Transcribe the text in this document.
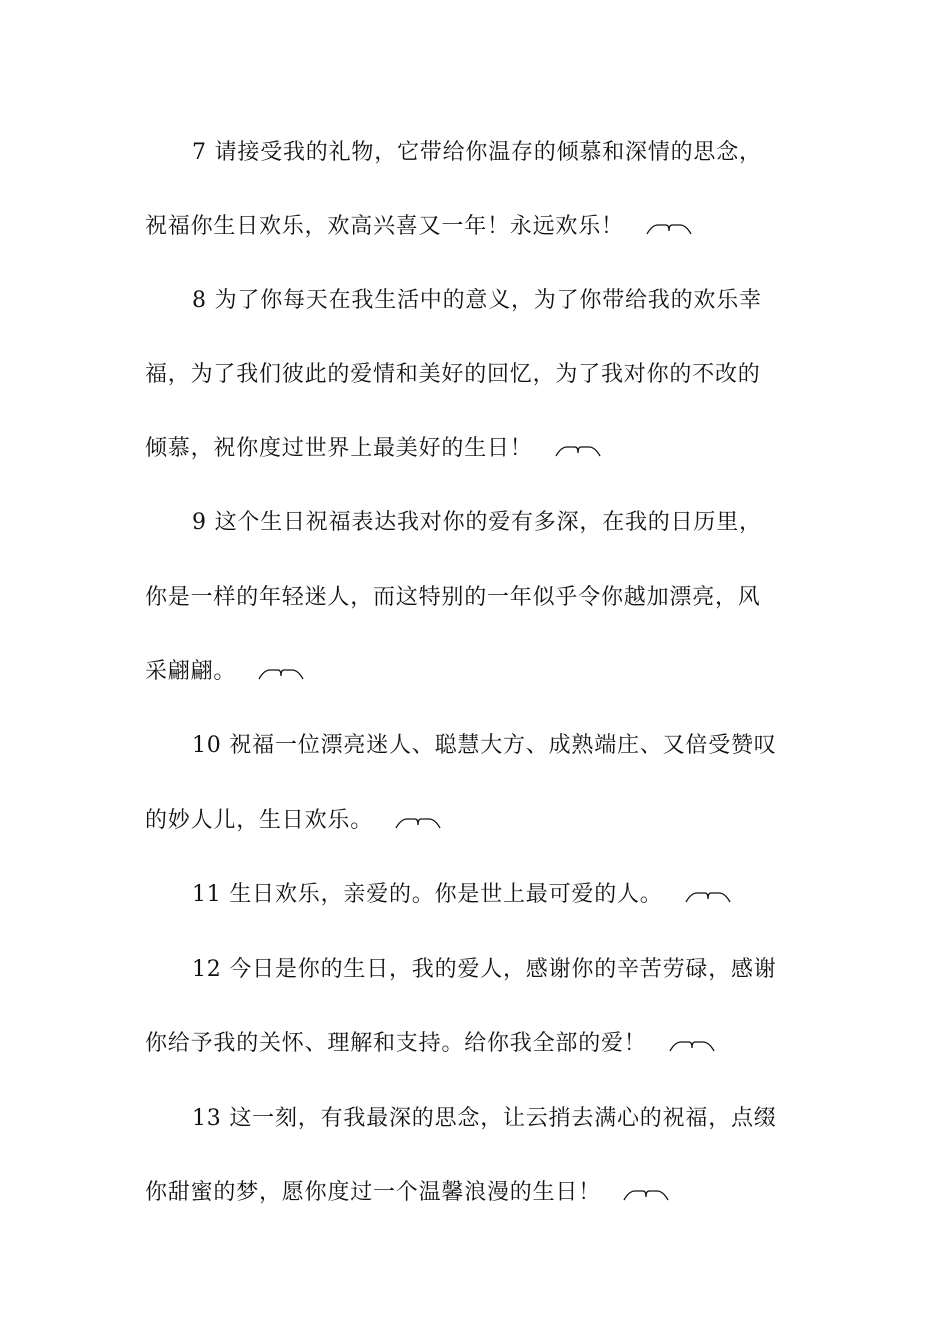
7 请接受我的礼物，它带给你温存的倾慕和深情的思念，
祝福你生日欢乐，欢高兴喜又一年！永远欢乐！
8 为了你每天在我生活中的意义，为了你带给我的欢乐幸
福，为了我们彼此的爱情和美好的回忆，为了我对你的不改的
倾慕，祝你度过世界上最美好的生日！
9 这个生日祝福表达我对你的爱有多深，在我的日历里，
你是一样的年轻迷人，而这特别的一年似乎令你越加漂亮，风
采翩翩。
10 祝福一位漂亮迷人、聪慧大方、成熟端庄、又倍受赞叹
的妙人儿，生日欢乐。
11 生日欢乐，亲爱的。你是世上最可爱的人。
12 今日是你的生日，我的爱人，感谢你的辛苦劳碌，感谢
你给予我的关怀、理解和支持。给你我全部的爱！
13 这一刻，有我最深的思念，让云捎去满心的祝福，点缀
你甜蜜的梦，愿你度过一个温馨浪漫的生日！
